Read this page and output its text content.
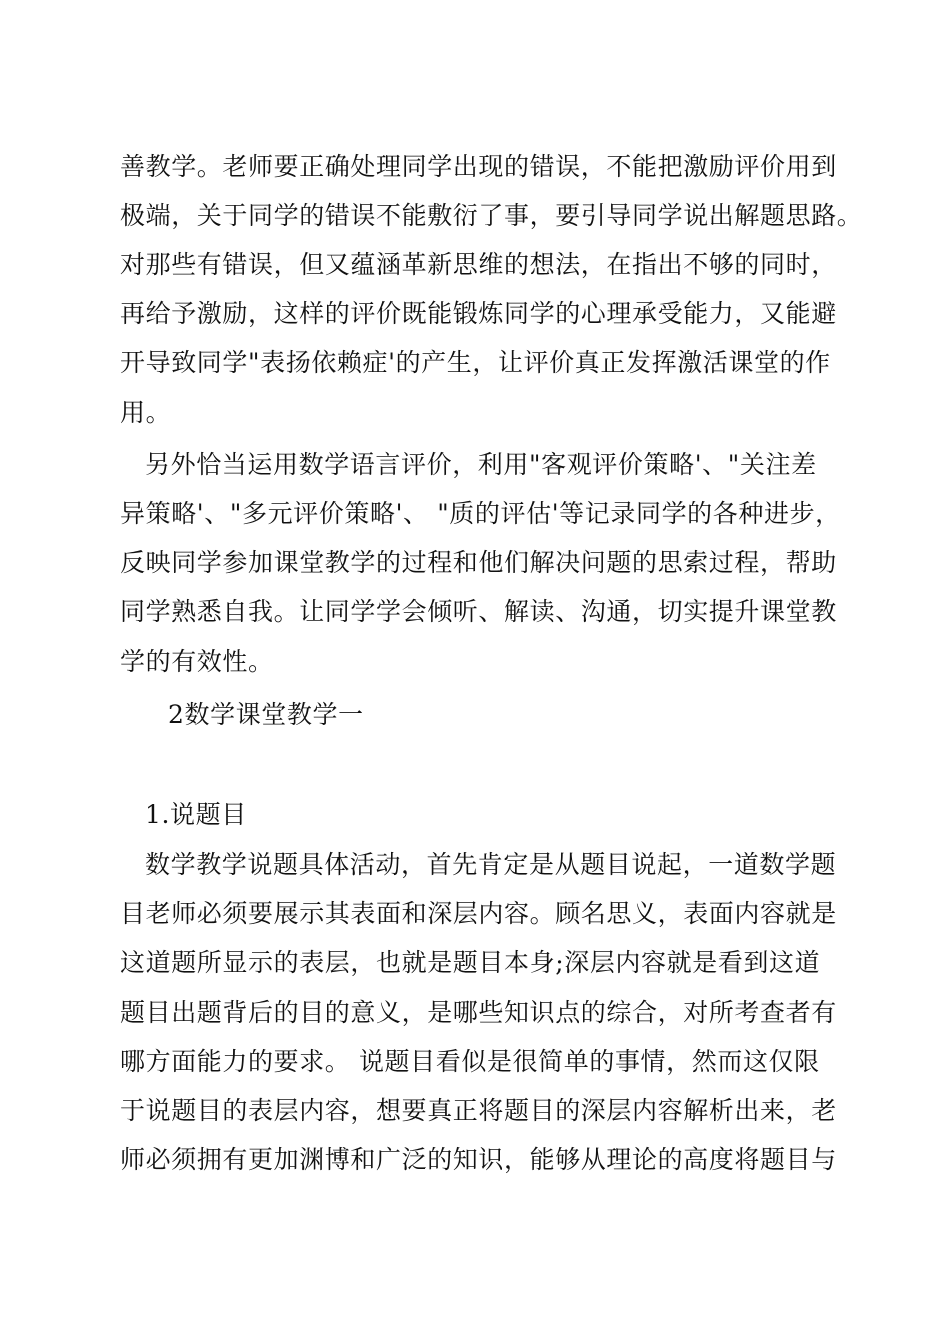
善教学。老师要正确处理同学出现的错误，不能把激励评价用到
极端，关于同学的错误不能敷衍了事，要引导同学说出解题思路。
对那些有错误，但又蕴涵革新思维的想法，在指出不够的同时，
再给予激励，这样的评价既能锻炼同学的心理承受能力，又能避
开导致同学"表扬依赖症'的产生，让评价真正发挥激活课堂的作
用。
另外恰当运用数学语言评价，利用"客观评价策略'、"关注差
异策略'、"多元评价策略'、 "质的评估'等记录同学的各种进步，
反映同学参加课堂教学的过程和他们解决问题的思索过程，帮助
同学熟悉自我。让同学学会倾听、解读、沟通，切实提升课堂教
学的有效性。
2数学课堂教学一
1.说题目
数学教学说题具体活动，首先肯定是从题目说起，一道数学题
目老师必须要展示其表面和深层内容。顾名思义，表面内容就是
这道题所显示的表层，也就是题目本身;深层内容就是看到这道
题目出题背后的目的意义，是哪些知识点的综合，对所考查者有
哪方面能力的要求。 说题目看似是很简单的事情，然而这仅限
于说题目的表层内容，想要真正将题目的深层内容解析出来，老
师必须拥有更加渊博和广泛的知识，能够从理论的高度将题目与
